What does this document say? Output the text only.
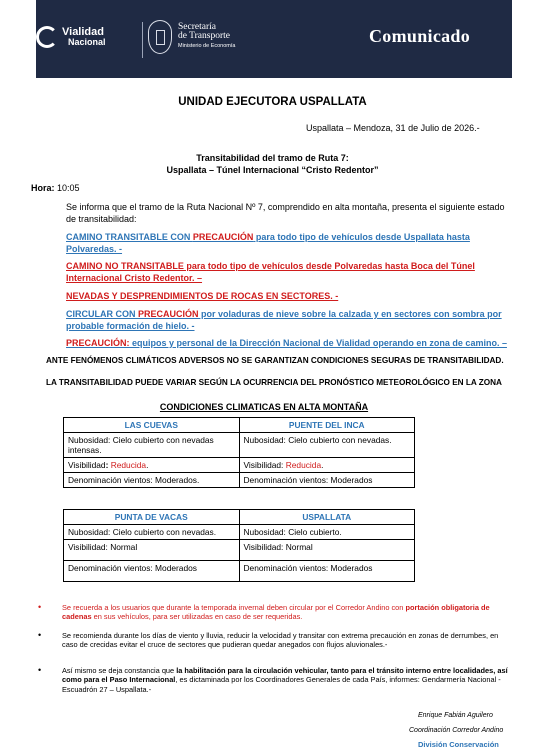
Vialidad
Nacional
Secretaría
de Transporte
Ministerio de Economía	Comunicado
UNIDAD EJECUTORA USPALLATA
Uspallata – Mendoza, 31 de Julio de 2026.-
Transitabilidad del tramo de Ruta 7:
Uspallata – Túnel Internacional “Cristo Redentor”
Hora: 10:05
Se informa que el tramo de la Ruta Nacional Nº 7, comprendido en alta montaña, presenta el siguiente estado de transitabilidad:
CAMINO TRANSITABLE CON PRECAUCIÓN para todo tipo de vehículos desde Uspallata hasta Polvaredas. -
CAMINO NO TRANSITABLE para todo tipo de vehículos desde Polvaredas hasta Boca del Túnel Internacional Cristo Redentor. –
NEVADAS Y DESPRENDIMIENTOS DE ROCAS EN SECTORES. -
CIRCULAR CON PRECAUCIÓN por voladuras de nieve sobre la calzada y en sectores con sombra por probable formación de hielo. -
PRECAUCIÓN: equipos y personal de la Dirección Nacional de Vialidad operando en zona de camino. –
ANTE FENÓMENOS CLIMÁTICOS ADVERSOS NO SE GARANTIZAN CONDICIONES SEGURAS DE TRANSITABILIDAD.
LA TRANSITABILIDAD PUEDE VARIAR SEGÚN LA OCURRENCIA DEL PRONÓSTICO METEOROLÓGICO EN LA ZONA
CONDICIONES CLIMATICAS EN ALTA MONTAÑA
LAS CUEVAS	PUENTE DEL INCA
Nubosidad: Cielo cubierto con nevadas intensas.	Nubosidad: Cielo cubierto con nevadas.
Visibilidad: Reducida.	Visibilidad: Reducida.
Denominación vientos: Moderados.	Denominación vientos: Moderados
PUNTA DE VACAS	USPALLATA
Nubosidad: Cielo cubierto con nevadas.	Nubosidad: Cielo cubierto.
Visibilidad: Normal	Visibilidad: Normal
Denominación vientos: Moderados	Denominación vientos: Moderados
•	Se recuerda a los usuarios que durante la temporada invernal deben circular por el Corredor Andino con portación obligatoria de cadenas en sus vehículos, para ser utilizadas en caso de ser requeridas.
•	Se recomienda durante los días de viento y lluvia, reducir la velocidad y transitar con extrema precaución en zonas de derrumbes, en caso de crecidas evitar el cruce de sectores que pudieran quedar anegados con flujos aluvionales.-
•	Así mismo se deja constancia que la habilitación para la circulación vehicular, tanto para el tránsito interno entre localidades, así como para el Paso Internacional, es dictaminada por los Coordinadores Generales de cada País, informes: Gendarmería Nacional -Escuadrón 27 – Uspallata.-
Enrique Fabián Aguilero
Coordinación Corredor Andino
División Conservación
